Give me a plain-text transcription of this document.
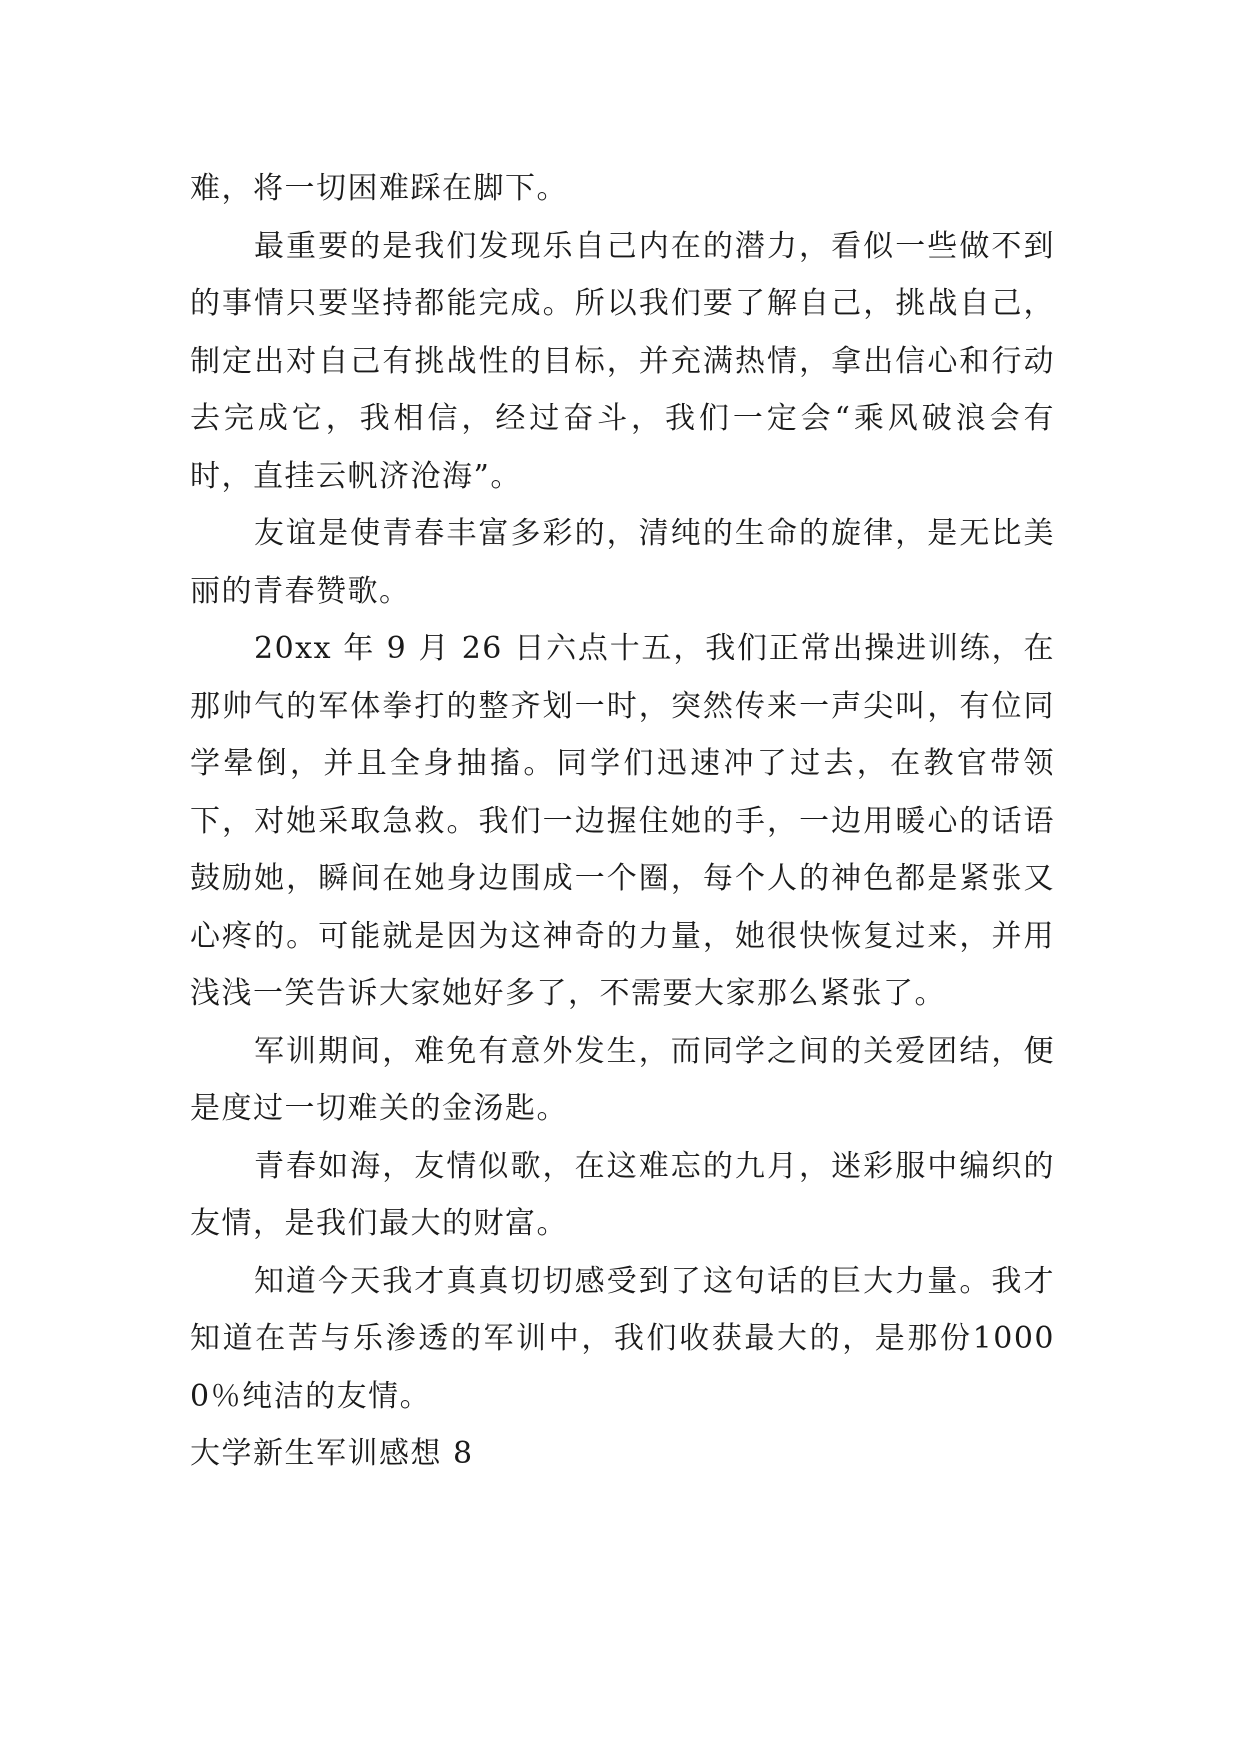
难，将一切困难踩在脚下。

最重要的是我们发现乐自己内在的潜力，看似一些做不到的事情只要坚持都能完成。所以我们要了解自己，挑战自己，制定出对自己有挑战性的目标，并充满热情，拿出信心和行动去完成它，我相信，经过奋斗，我们一定会“乘风破浪会有时，直挂云帆济沧海”。

友谊是使青春丰富多彩的，清纯的生命的旋律，是无比美丽的青春赞歌。

20xx 年 9 月 26 日六点十五，我们正常出操进训练，在那帅气的军体拳打的整齐划一时，突然传来一声尖叫，有位同学晕倒，并且全身抽搐。同学们迅速冲了过去，在教官带领下，对她采取急救。我们一边握住她的手，一边用暖心的话语鼓励她，瞬间在她身边围成一个圈，每个人的神色都是紧张又心疼的。可能就是因为这神奇的力量，她很快恢复过来，并用浅浅一笑告诉大家她好多了，不需要大家那么紧张了。

军训期间，难免有意外发生，而同学之间的关爱团结，便是度过一切难关的金汤匙。

青春如海，友情似歌，在这难忘的九月，迷彩服中编织的友情，是我们最大的财富。

知道今天我才真真切切感受到了这句话的巨大力量。我才知道在苦与乐渗透的军训中，我们收获最大的，是那份10000％纯洁的友情。

大学新生军训感想 8
